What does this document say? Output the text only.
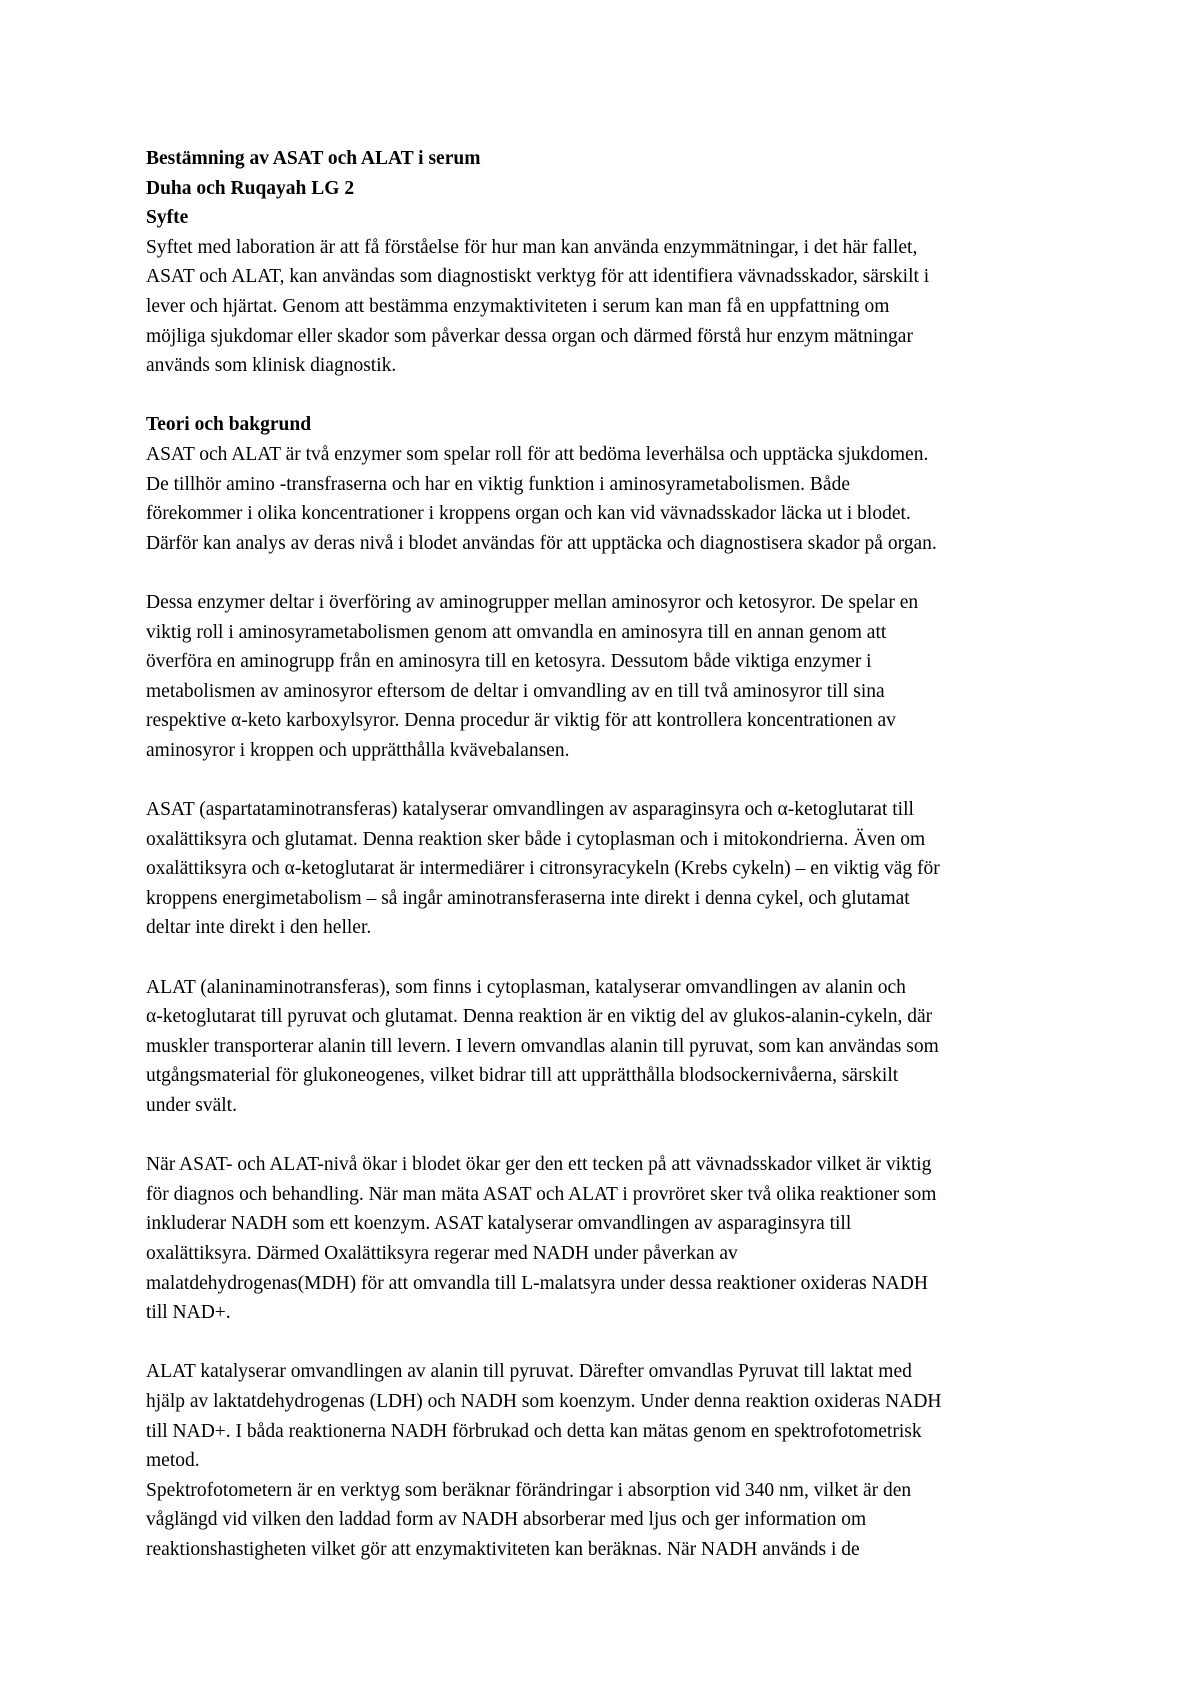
Bestämning av ASAT och ALAT i serum
Duha och Ruqayah LG 2
Syfte
Syftet med laboration är att få förståelse för hur man kan använda enzymmätningar, i det här fallet,
ASAT och ALAT, kan användas som diagnostiskt verktyg för att identifiera vävnadsskador, särskilt i
lever och hjärtat. Genom att bestämma enzymaktiviteten i serum kan man få en uppfattning om
möjliga sjukdomar eller skador som påverkar dessa organ och därmed förstå hur enzym mätningar
används som klinisk diagnostik.
Teori och bakgrund
ASAT och ALAT är två enzymer som spelar roll för att bedöma leverhälsa och upptäcka sjukdomen.
De tillhör amino -transfraserna och har en viktig funktion i aminosyrametabolismen. Både
förekommer i olika koncentrationer i kroppens organ och kan vid vävnadsskador läcka ut i blodet.
Därför kan analys av deras nivå i blodet användas för att upptäcka och diagnostisera skador på organ.
Dessa enzymer deltar i överföring av aminogrupper mellan aminosyror och ketosyror. De spelar en
viktig roll i aminosyrametabolismen genom att omvandla en aminosyra till en annan genom att
överföra en aminogrupp från en aminosyra till en ketosyra. Dessutom både viktiga enzymer i
metabolismen av aminosyror eftersom de deltar i omvandling av en till två aminosyror till sina
respektive α-keto karboxylsyror. Denna procedur är viktig för att kontrollera koncentrationen av
aminosyror i kroppen och upprätthålla kvävebalansen.
ASAT (aspartataminotransferas) katalyserar omvandlingen av asparaginsyra och α-ketoglutarat till
oxalättiksyra och glutamat. Denna reaktion sker både i cytoplasman och i mitokondrierna. Även om
oxalättiksyra och α-ketoglutarat är intermediärer i citronsyracykeln (Krebs cykeln) – en viktig väg för
kroppens energimetabolism – så ingår aminotransferaserna inte direkt i denna cykel, och glutamat
deltar inte direkt i den heller.
ALAT (alaninaminotransferas), som finns i cytoplasman, katalyserar omvandlingen av alanin och
α-ketoglutarat till pyruvat och glutamat. Denna reaktion är en viktig del av glukos-alanin-cykeln, där
muskler transporterar alanin till levern. I levern omvandlas alanin till pyruvat, som kan användas som
utgångsmaterial för glukoneogenes, vilket bidrar till att upprätthålla blodsockernivåerna, särskilt
under svält.
När ASAT- och ALAT-nivå ökar i blodet ökar ger den ett tecken på att vävnadsskador vilket är viktig
för diagnos och behandling. När man mäta ASAT och ALAT i provröret sker två olika reaktioner som
inkluderar NADH som ett koenzym. ASAT katalyserar omvandlingen av asparaginsyra till
oxalättiksyra. Därmed Oxalättiksyra regerar med NADH under påverkan av
malatdehydrogenas(MDH) för att omvandla till L-malatsyra under dessa reaktioner oxideras NADH
till NAD+.
ALAT katalyserar omvandlingen av alanin till pyruvat. Därefter omvandlas Pyruvat till laktat med
hjälp av laktatdehydrogenas (LDH) och NADH som koenzym. Under denna reaktion oxideras NADH
till NAD+. I båda reaktionerna NADH förbrukad och detta kan mätas genom en spektrofotometrisk
metod.
Spektrofotometern är en verktyg som beräknar förändringar i absorption vid 340 nm, vilket är den
våglängd vid vilken den laddad form av NADH absorberar med ljus och ger information om
reaktionshastigheten vilket gör att enzymaktiviteten kan beräknas. När NADH används i de
